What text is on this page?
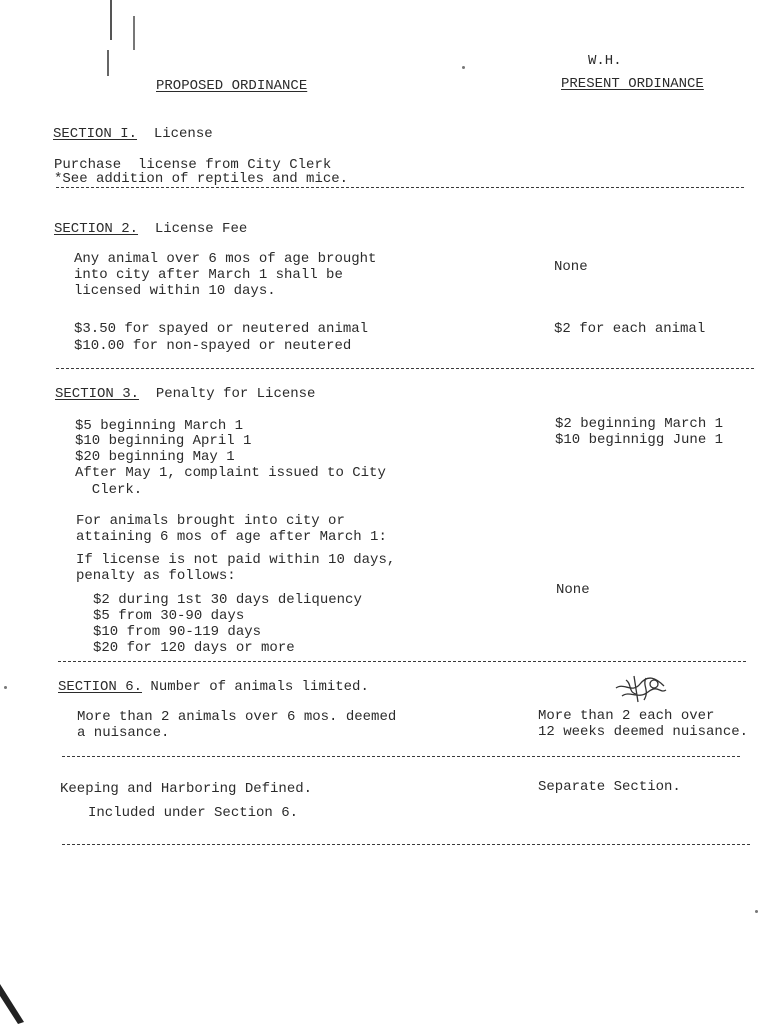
W.H.
PROPOSED ORDINANCE	PRESENT ORDINANCE
SECTION I. License
Purchase  license from City Clerk
*See addition of reptiles and mice.
SECTION 2. License Fee
Any animal over 6 mos of age brought
into city after March 1 shall be
licensed within 10 days.
None
$3.50 for spayed or neutered animal
$10.00 for non-spayed or neutered
$2 for each animal
SECTION 3. Penalty for License
$5 beginning March 1
$10 beginning April 1
$20 beginning May 1
After May 1, complaint issued to City
Clerk.
$2 beginning March 1
$10 beginnigg June 1
For animals brought into city or
attaining 6 mos of age after March 1:
If license is not paid within 10 days,
penalty as follows:
$2 during 1st 30 days deliquency
$5 from 30-90 days
$10 from 90-119 days
$20 for 120 days or more
None
SECTION 6. Number of animals limited.
More than 2 animals over 6 mos. deemed
a nuisance.
More than 2 each over
12 weeks deemed nuisance.
Keeping and Harboring Defined.
Included under Section 6.
Separate Section.
